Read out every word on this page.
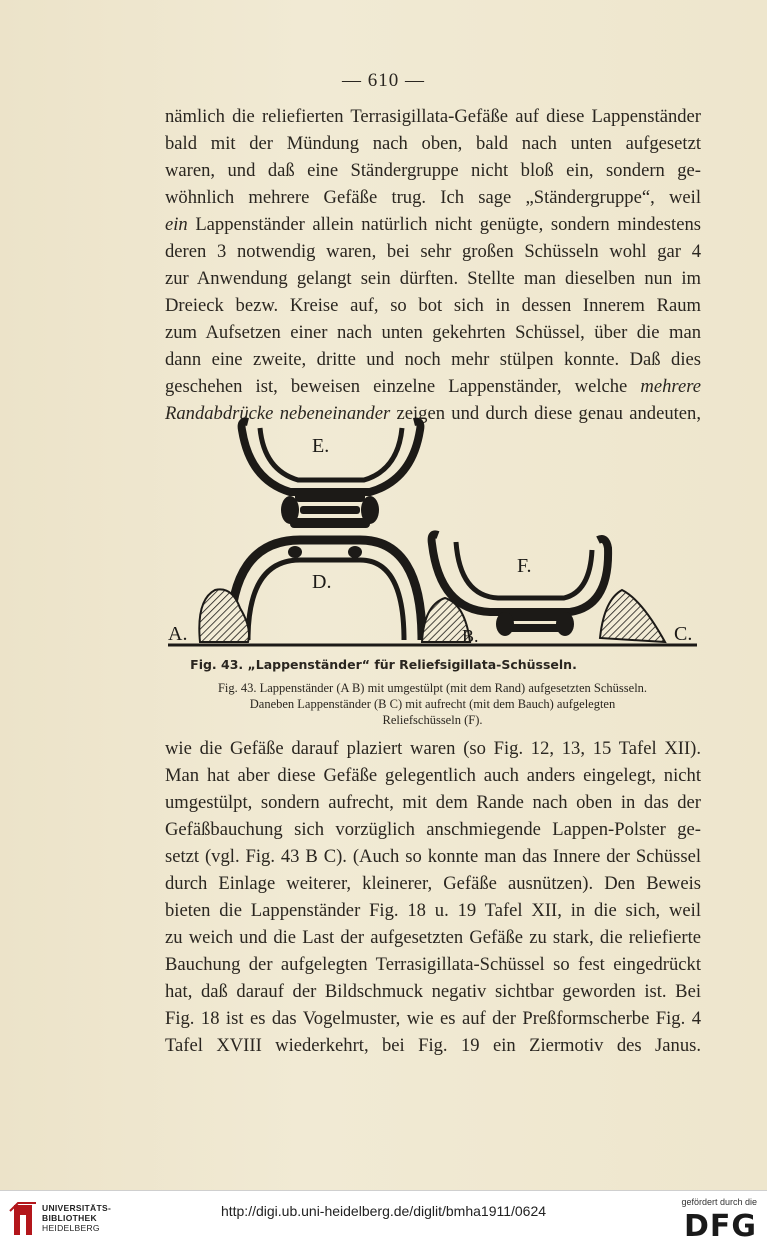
— 610 —
nämlich die reliefierten Terrasigillata-Gefäße auf diese Lappenständer
bald mit der Mündung nach oben, bald nach unten aufgesetzt
waren, und daß eine Ständergruppe nicht bloß ein, sondern ge-
wöhnlich mehrere Gefäße trug. Ich sage „Ständergruppe“, weil
ein Lappenständer allein natürlich nicht genügte, sondern mindestens
deren 3 notwendig waren, bei sehr großen Schüsseln wohl gar 4
zur Anwendung gelangt sein dürften. Stellte man dieselben nun im
Dreieck bezw. Kreise auf, so bot sich in dessen Innerem Raum
zum Aufsetzen einer nach unten gekehrten Schüssel, über die man
dann eine zweite, dritte und noch mehr stülpen konnte. Daß dies
geschehen ist, beweisen einzelne Lappenständer, welche mehrere
Randabdrücke nebeneinander zeigen und durch diese genau andeuten,
E.
D.
F.
A.	B.	C.
Fig. 43. „Lappenständer“ für Reliefsigillata-Schüsseln.
Fig. 43. Lappenständer (A B) mit umgestülpt (mit dem Rand) aufgesetzten Schüsseln.
Daneben Lappenständer (B C) mit aufrecht (mit dem Bauch) aufgelegten
Reliefschüsseln (F).
wie die Gefäße darauf plaziert waren (so Fig. 12, 13, 15 Tafel XII).
Man hat aber diese Gefäße gelegentlich auch anders eingelegt, nicht
umgestülpt, sondern aufrecht, mit dem Rande nach oben in das der
Gefäßbauchung sich vorzüglich anschmiegende Lappen-Polster ge-
setzt (vgl. Fig. 43 B C). (Auch so konnte man das Innere der Schüssel
durch Einlage weiterer, kleinerer, Gefäße ausnützen). Den Beweis
bieten die Lappenständer Fig. 18 u. 19 Tafel XII, in die sich, weil
zu weich und die Last der aufgesetzten Gefäße zu stark, die reliefierte
Bauchung der aufgelegten Terrasigillata-Schüssel so fest eingedrückt
hat, daß darauf der Bildschmuck negativ sichtbar geworden ist. Bei
Fig. 18 ist es das Vogelmuster, wie es auf der Preßformscherbe Fig. 4
Tafel XVIII wiederkehrt, bei Fig. 19 ein Ziermotiv des Janus.
UNIVERSITÄTS-
BIBLIOTHEK
HEIDELBERG
http://digi.ub.uni-heidelberg.de/diglit/bmha1911/0624
gefördert durch die
DFG
